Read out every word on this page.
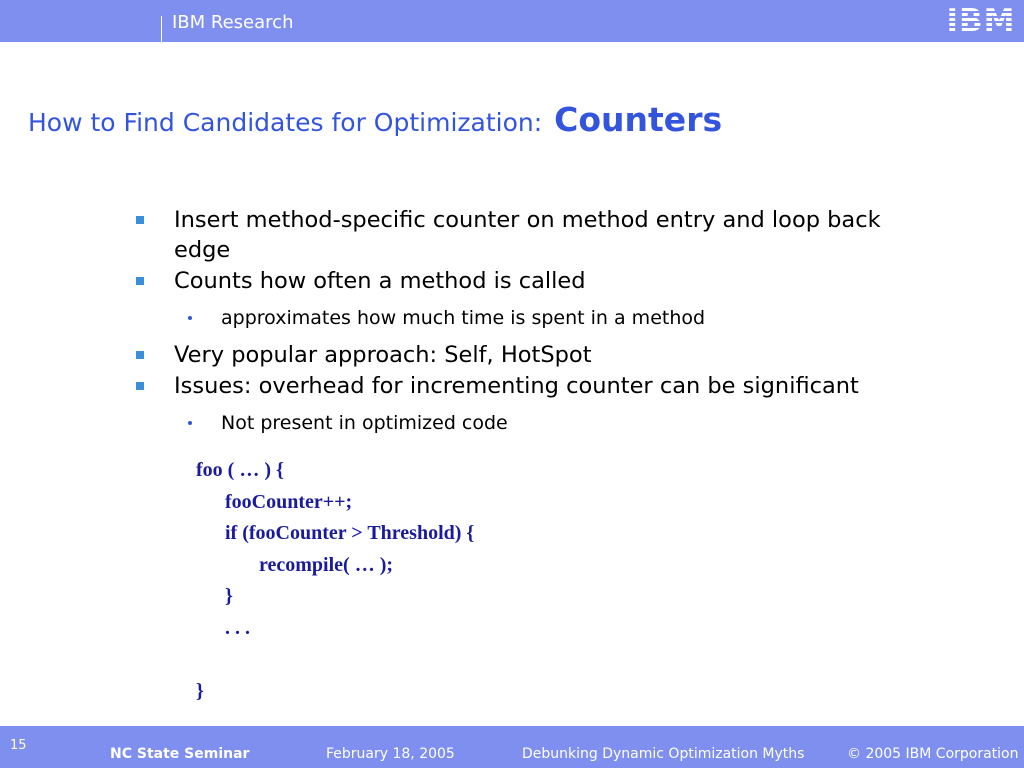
IBM Research	IBM
How to Find Candidates for Optimization: Counters
Insert method-specific counter on method entry and loop back edge
Counts how often a method is called
approximates how much time is spent in a method
Very popular approach: Self, HotSpot
Issues: overhead for incrementing counter can be significant
Not present in optimized code
foo ( … ) {
fooCounter++;
if (fooCounter > Threshold) {
recompile( … );
}
. . .
}
15
NC State Seminar	February 18, 2005	Debunking Dynamic Optimization Myths	© 2005 IBM Corporation
